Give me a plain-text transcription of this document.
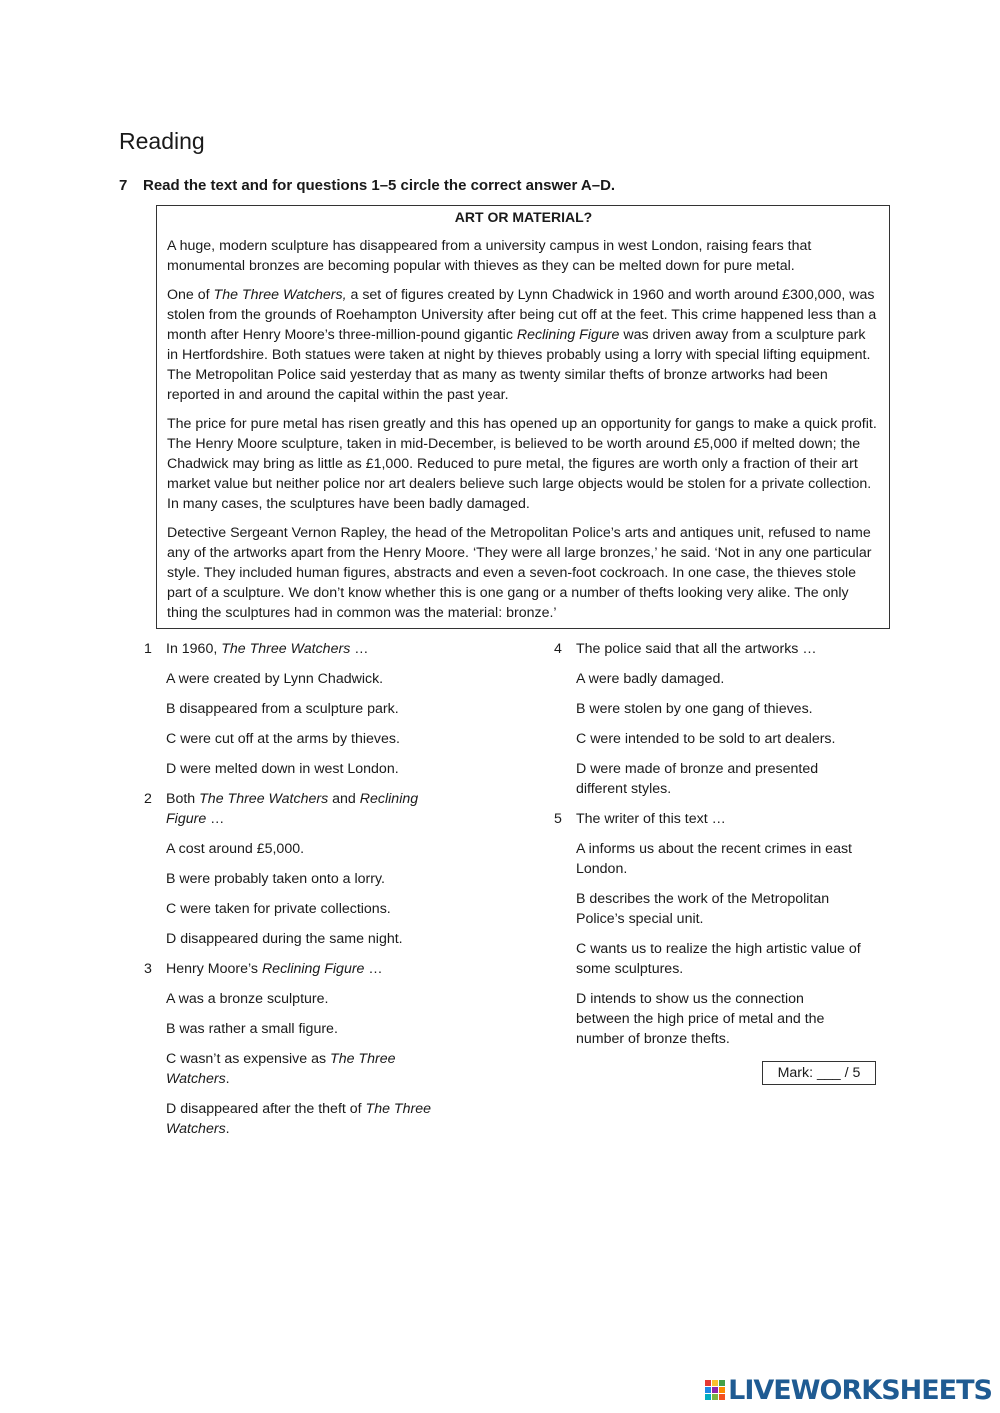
Reading
7 Read the text and for questions 1–5 circle the correct answer A–D.
ART OR MATERIAL?

A huge, modern sculpture has disappeared from a university campus in west London, raising fears that monumental bronzes are becoming popular with thieves as they can be melted down for pure metal.

One of The Three Watchers, a set of figures created by Lynn Chadwick in 1960 and worth around £300,000, was stolen from the grounds of Roehampton University after being cut off at the feet. This crime happened less than a month after Henry Moore’s three-million-pound gigantic Reclining Figure was driven away from a sculpture park in Hertfordshire. Both statues were taken at night by thieves probably using a lorry with special lifting equipment. The Metropolitan Police said yesterday that as many as twenty similar thefts of bronze artworks had been reported in and around the capital within the past year.

The price for pure metal has risen greatly and this has opened up an opportunity for gangs to make a quick profit. The Henry Moore sculpture, taken in mid-December, is believed to be worth around £5,000 if melted down; the Chadwick may bring as little as £1,000. Reduced to pure metal, the figures are worth only a fraction of their art market value but neither police nor art dealers believe such large objects would be stolen for a private collection. In many cases, the sculptures have been badly damaged.

Detective Sergeant Vernon Rapley, the head of the Metropolitan Police’s arts and antiques unit, refused to name any of the artworks apart from the Henry Moore. ‘They were all large bronzes,’ he said. ‘Not in any one particular style. They included human figures, abstracts and even a seven-foot cockroach. In one case, the thieves stole part of a sculpture. We don’t know whether this is one gang or a number of thefts looking very alike. The only thing the sculptures had in common was the material: bronze.’

1 In 1960, The Three Watchers …
A were created by Lynn Chadwick.
B disappeared from a sculpture park.
C were cut off at the arms by thieves.
D were melted down in west London.
2 Both The Three Watchers and Reclining Figure …
A cost around £5,000.
B were probably taken onto a lorry.
C were taken for private collections.
D disappeared during the same night.
3 Henry Moore’s Reclining Figure …
A was a bronze sculpture.
B was rather a small figure.
C wasn’t as expensive as The Three Watchers.
D disappeared after the theft of The Three Watchers.
4 The police said that all the artworks …
A were badly damaged.
B were stolen by one gang of thieves.
C were intended to be sold to art dealers.
D were made of bronze and presented different styles.
5 The writer of this text …
A informs us about the recent crimes in east London.
B describes the work of the Metropolitan Police’s special unit.
C wants us to realize the high artistic value of some sculptures.
D intends to show us the connection between the high price of metal and the number of bronze thefts.
Mark: ___ / 5
LIVEWORKSHEETS
